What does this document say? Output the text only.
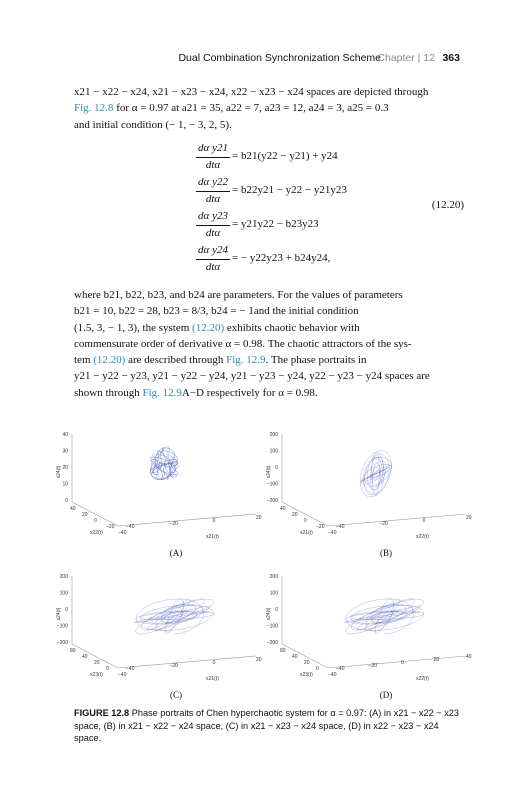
Dual Combination Synchronization Scheme
Chapter | 12 363
x21 − x22 − x24, x21 − x23 − x24, x22 − x23 − x24 spaces are depicted through
Fig. 12.8 for α = 0.97 at a21 = 35, a22 = 7, a23 = 12, a24 = 3, a25 = 0.3
and initial condition (− 1, − 3, 2, 5).
dα y21
dtα
= b21(y22 − y21) + y24
dα y22
dtα
= b22y21 − y22 − y21y23
dα y23
dtα
= y21y22 − b23y23
dα y24
dtα
= − y22y23 + b24y24,
(12.20)
where b21, b22, b23, and b24 are parameters. For the values of parameters
b21 = 10, b22 = 28, b23 = 8/3, b24 = − 1and the initial condition
(1.5, 3, − 1, 3), the system (12.20) exhibits chaotic behavior with
commensurate order of derivative α = 0.98. The chaotic attractors of the sys-
tem (12.20) are described through Fig. 12.9. The phase portraits in
y21 − y22 − y23, y21 − y22 − y24, y21 − y23 − y24, y22 − y23 − y24 spaces are
shown through Fig. 12.9A−D respectively for α = 0.98.
40
30
20
10
0
40
20
0
−20
−40
−40	−20	0	20
x24(t)
x22(t)
x21(t)
(A)
200
100
0
−100
−200
40
20
0
−20
−40
−40	−20	0	20
x24(t)
x21(t)
x22(t)
(B)
200
100
0
−100
−200
80
40
20
0
−40
−40	−20	0	20
x24(t)
x23(t)
x21(t)
(C)
200
100
0
−100
−200
80
40
20
0
−40
−40	−20	0	20	40
x24(t)
x23(t)
x22(t)
(D)
FIGURE 12.8 Phase portraits of Chen hyperchaotic system for α = 0.97: (A) in x21 − x22 − x23
space, (B) in x21 − x22 − x24 space, (C) in x21 − x23 − x24 space, (D) in x22 − x23 − x24 space.
